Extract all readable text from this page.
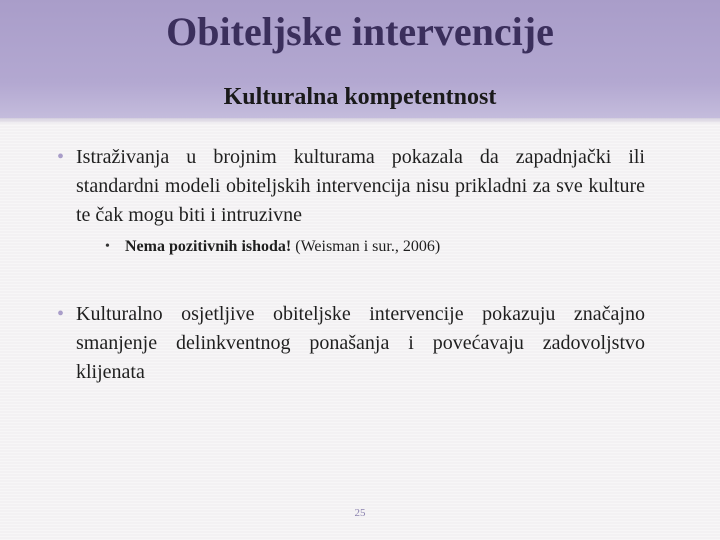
Obiteljske intervencije
Kulturalna kompetentnost
• Istraživanja u brojnim kulturama pokazala da zapadnjački ili standardni modeli obiteljskih intervencija nisu prikladni za sve kulture te čak mogu biti i intruzivne
• Nema pozitivnih ishoda! (Weisman i sur., 2006)
• Kulturalno osjetljive obiteljske intervencije pokazuju značajno smanjenje delinkventnog ponašanja i povećavaju zadovoljstvo klijenata
25
